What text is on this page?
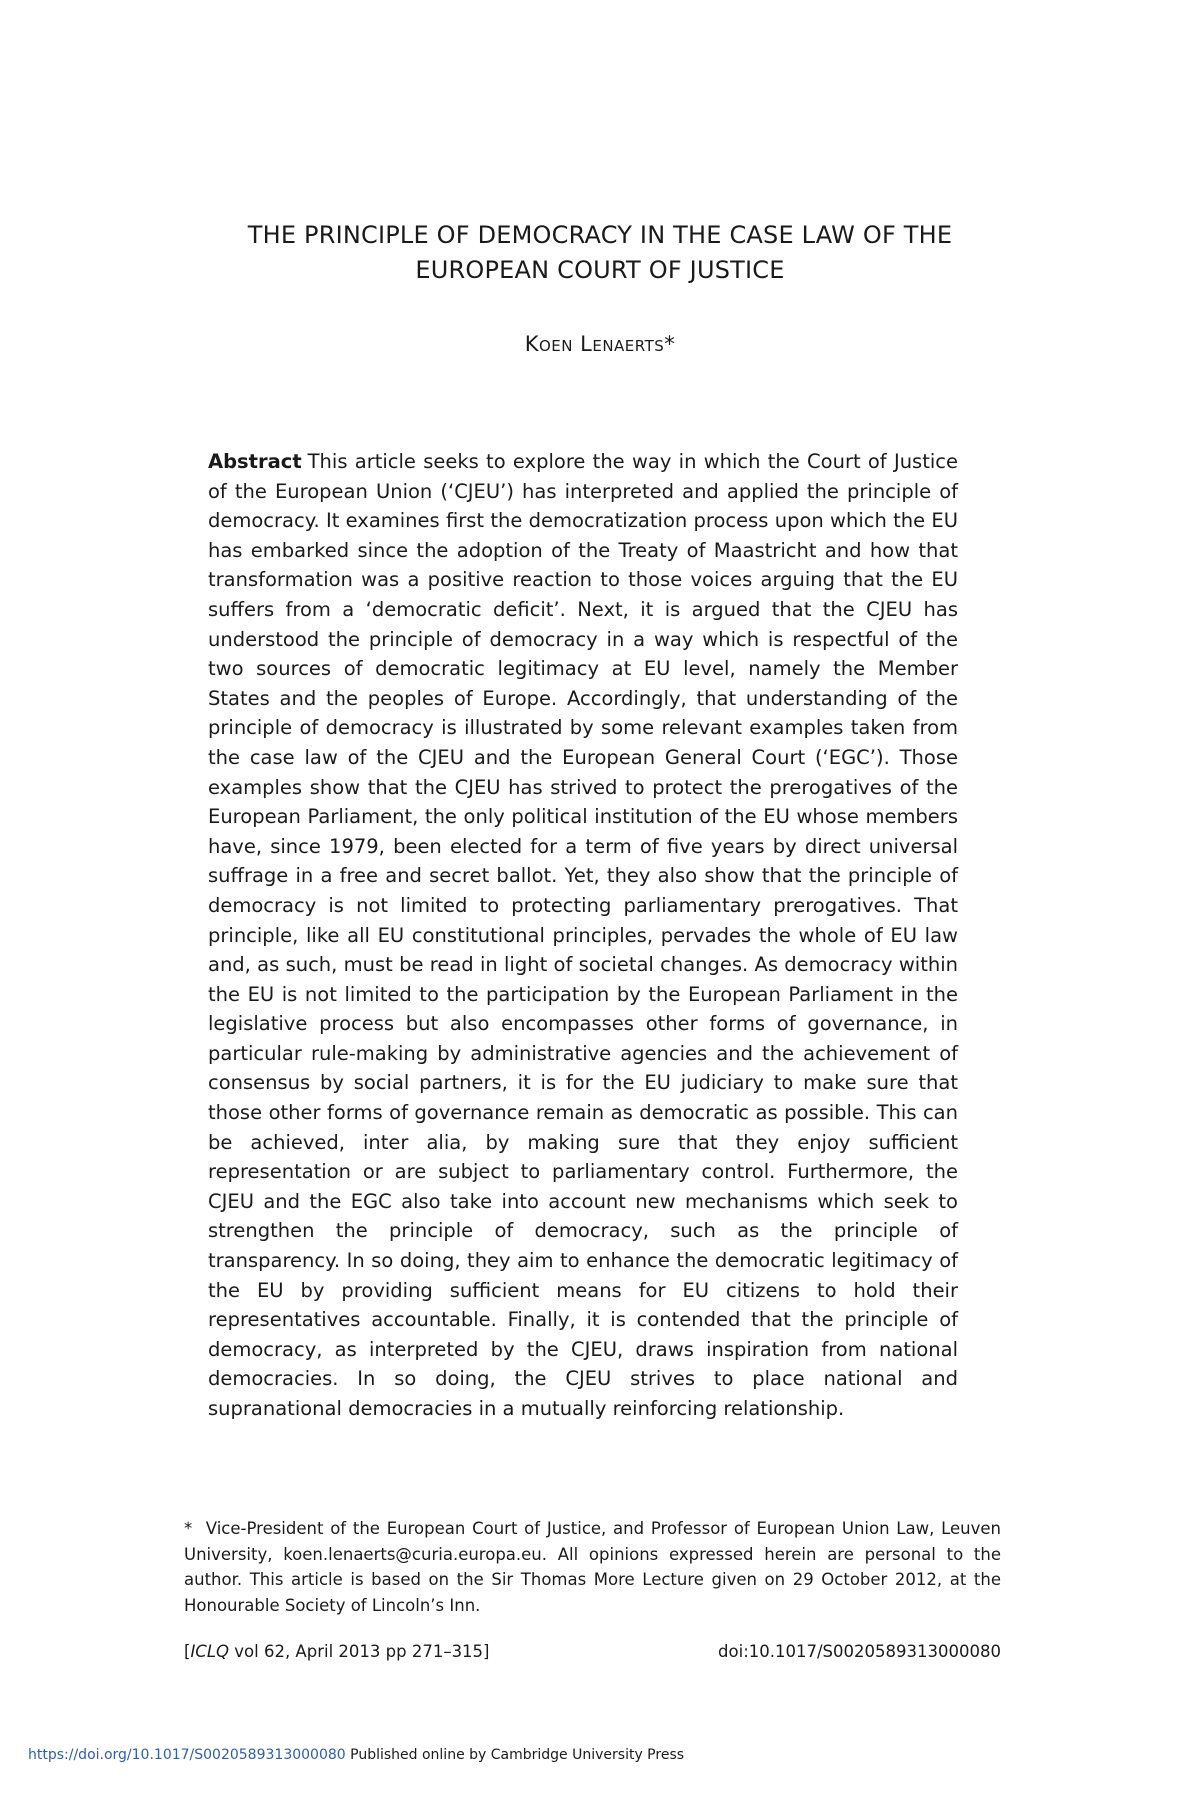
THE PRINCIPLE OF DEMOCRACY IN THE CASE LAW OF THE
EUROPEAN COURT OF JUSTICE

Koen Lenaerts*

Abstract This article seeks to explore the way in which the Court of Justice of the European Union (‘CJEU’) has interpreted and applied the principle of democracy. It examines first the democratization process upon which the EU has embarked since the adoption of the Treaty of Maastricht and how that transformation was a positive reaction to those voices arguing that the EU suffers from a ‘democratic deficit’. Next, it is argued that the CJEU has understood the principle of democracy in a way which is respectful of the two sources of democratic legitimacy at EU level, namely the Member States and the peoples of Europe. Accordingly, that understanding of the principle of democracy is illustrated by some relevant examples taken from the case law of the CJEU and the European General Court (‘EGC’). Those examples show that the CJEU has strived to protect the prerogatives of the European Parliament, the only political institution of the EU whose members have, since 1979, been elected for a term of five years by direct universal suffrage in a free and secret ballot. Yet, they also show that the principle of democracy is not limited to protecting parliamentary prerogatives. That principle, like all EU constitutional principles, pervades the whole of EU law and, as such, must be read in light of societal changes. As democracy within the EU is not limited to the participation by the European Parliament in the legislative process but also encompasses other forms of governance, in particular rule-making by administrative agencies and the achievement of consensus by social partners, it is for the EU judiciary to make sure that those other forms of governance remain as democratic as possible. This can be achieved, inter alia, by making sure that they enjoy sufficient representation or are subject to parliamentary control. Furthermore, the CJEU and the EGC also take into account new mechanisms which seek to strengthen the principle of democracy, such as the principle of transparency. In so doing, they aim to enhance the democratic legitimacy of the EU by providing sufficient means for EU citizens to hold their representatives accountable. Finally, it is contended that the principle of democracy, as interpreted by the CJEU, draws inspiration from national democracies. In so doing, the CJEU strives to place national and supranational democracies in a mutually reinforcing relationship.

* Vice-President of the European Court of Justice, and Professor of European Union Law, Leuven University, koen.lenaerts@curia.europa.eu. All opinions expressed herein are personal to the author. This article is based on the Sir Thomas More Lecture given on 29 October 2012, at the Honourable Society of Lincoln’s Inn.

[ICLQ vol 62, April 2013 pp 271–315]	doi:10.1017/S0020589313000080
https://doi.org/10.1017/S0020589313000080 Published online by Cambridge University Press
